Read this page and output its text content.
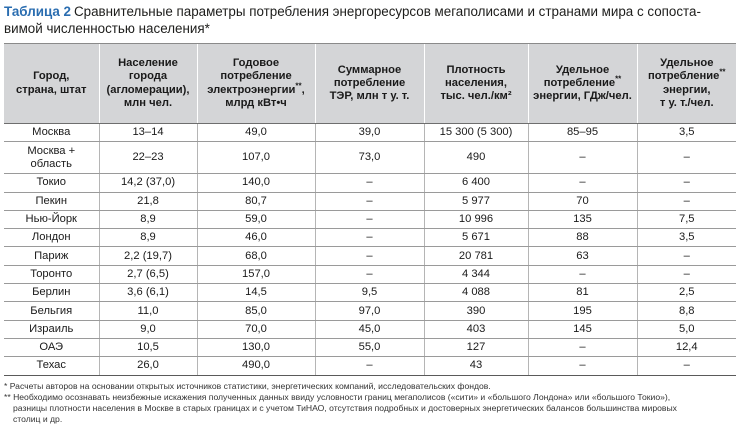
Таблица 2 Сравнительные параметры потребления энергоресурсов мегаполисами и странами мира с сопоста-
вимой численностью населения*
Город,
страна, штат	Население
города
(агломерации),
млн чел.	Годовое
потребление
электроэнергии**,
млрд кВт•ч	Суммарное
потребление
ТЭР, млн т у. т.	Плотность
населения,
тыс. чел./км²	Удельное
потребление**
энергии, ГДж/чел.	Удельное
потребление**
энергии,
т у. т./чел.
Москва	13–14	49,0	39,0	15 300 (5 300)	85–95	3,5
Москва + область	22–23	107,0	73,0	490	–	–
Токио	14,2 (37,0)	140,0	–	6 400	–	–
Пекин	21,8	80,7	–	5 977	70	–
Нью-Йорк	8,9	59,0	–	10 996	135	7,5
Лондон	8,9	46,0	–	5 671	88	3,5
Париж	2,2 (19,7)	68,0	–	20 781	63	–
Торонто	2,7 (6,5)	157,0	–	4 344	–	–
Берлин	3,6 (6,1)	14,5	9,5	4 088	81	2,5
Бельгия	11,0	85,0	97,0	390	195	8,8
Израиль	9,0	70,0	45,0	403	145	5,0
ОАЭ	10,5	130,0	55,0	127	–	12,4
Техас	26,0	490,0	–	43	–	–

* Расчеты авторов на основании открытых источников статистики, энергетических компаний, исследовательских фондов.

** Необходимо осознавать неизбежные искажения полученных данных ввиду условности границ мегаполисов («сити» и «большого Лондона» или «большого Токио»),

разницы плотности населения в Москве в старых границах и с учетом ТиНАО, отсутствия подробных и достоверных энергетических балансов большинства мировых

столиц и др.
